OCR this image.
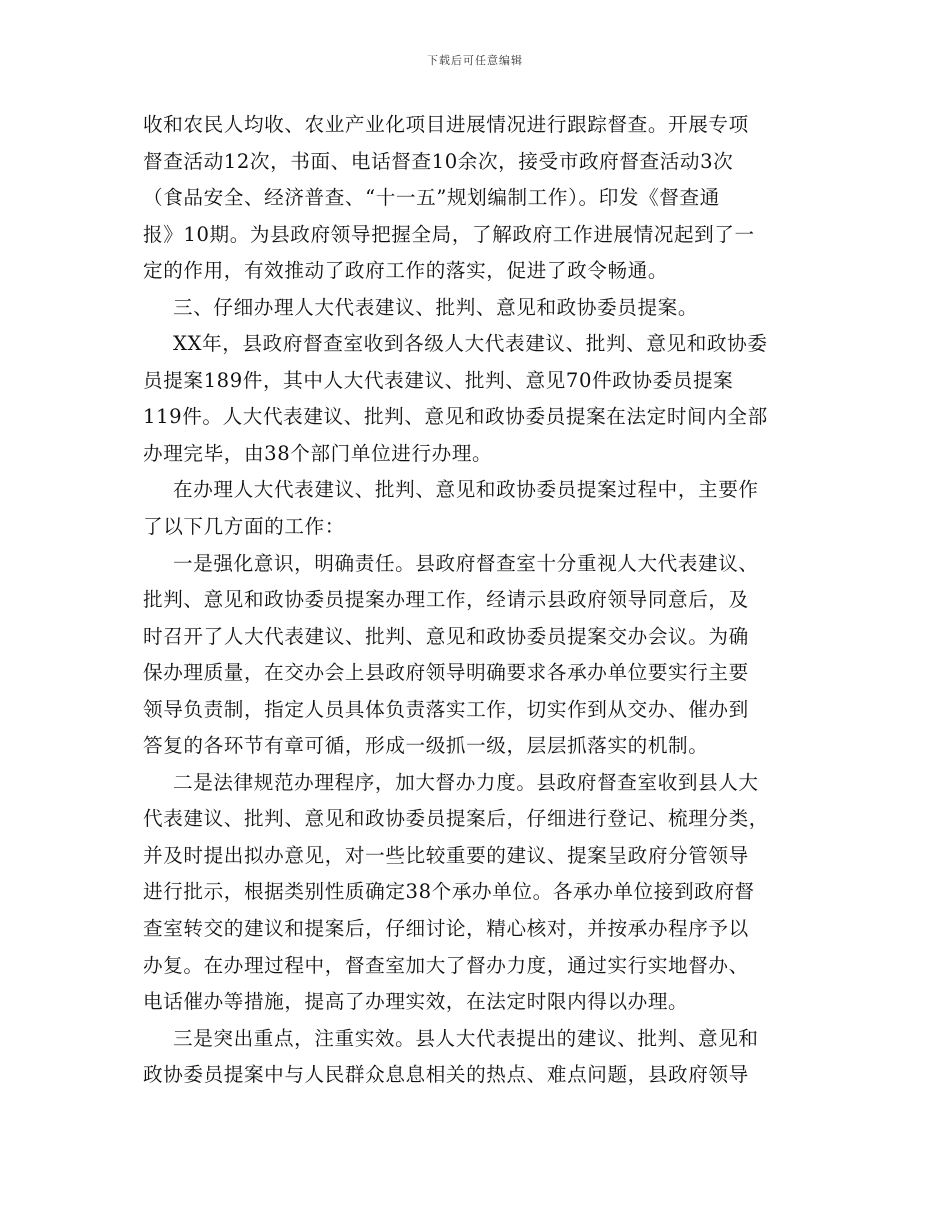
下载后可任意编辑
收和农民人均收、农业产业化项目进展情况进行跟踪督查。开展专项
督查活动12次，书面、电话督查10余次，接受市政府督查活动3次
（食品安全、经济普查、“十一五”规划编制工作）。印发《督查通
报》10期。为县政府领导把握全局，了解政府工作进展情况起到了一
定的作用，有效推动了政府工作的落实，促进了政令畅通。
三、仔细办理人大代表建议、批判、意见和政协委员提案。
XX年，县政府督查室收到各级人大代表建议、批判、意见和政协委
员提案189件，其中人大代表建议、批判、意见70件政协委员提案
119件。人大代表建议、批判、意见和政协委员提案在法定时间内全部
办理完毕，由38个部门单位进行办理。
在办理人大代表建议、批判、意见和政协委员提案过程中，主要作
了以下几方面的工作：
一是强化意识，明确责任。县政府督查室十分重视人大代表建议、
批判、意见和政协委员提案办理工作，经请示县政府领导同意后，及
时召开了人大代表建议、批判、意见和政协委员提案交办会议。为确
保办理质量，在交办会上县政府领导明确要求各承办单位要实行主要
领导负责制，指定人员具体负责落实工作，切实作到从交办、催办到
答复的各环节有章可循，形成一级抓一级，层层抓落实的机制。
二是法律规范办理程序，加大督办力度。县政府督查室收到县人大
代表建议、批判、意见和政协委员提案后，仔细进行登记、梳理分类，
并及时提出拟办意见，对一些比较重要的建议、提案呈政府分管领导
进行批示，根据类别性质确定38个承办单位。各承办单位接到政府督
查室转交的建议和提案后，仔细讨论，精心核对，并按承办程序予以
办复。在办理过程中，督查室加大了督办力度，通过实行实地督办、
电话催办等措施，提高了办理实效，在法定时限内得以办理。
三是突出重点，注重实效。县人大代表提出的建议、批判、意见和
政协委员提案中与人民群众息息相关的热点、难点问题，县政府领导
